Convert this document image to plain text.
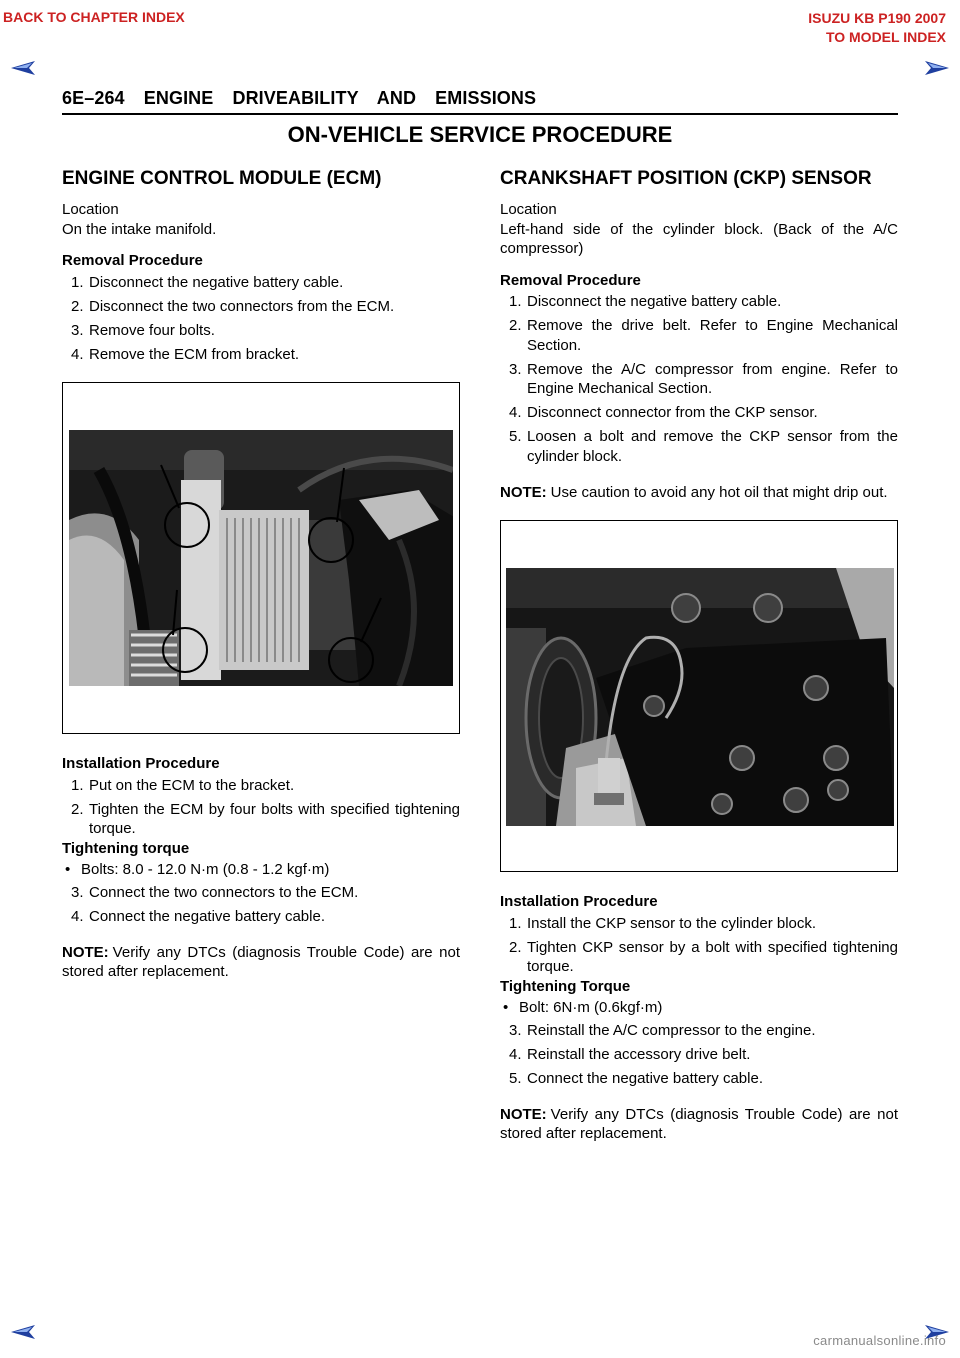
BACK TO CHAPTER INDEX	ISUZU KB P190 2007
TO MODEL INDEX
6E–264 ENGINE DRIVEABILITY AND EMISSIONS
ON-VEHICLE SERVICE PROCEDURE
ENGINE CONTROL MODULE (ECM)
Location
On the intake manifold.
Removal Procedure
1. Disconnect the negative battery cable.
2. Disconnect the two connectors from the ECM.
3. Remove four bolts.
4. Remove the ECM from bracket.
Installation Procedure
1. Put on the ECM to the bracket.
2. Tighten the ECM by four bolts with specified tightening torque.
Tightening torque
• Bolts: 8.0 - 12.0 N·m (0.8 - 1.2 kgf·m)
3. Connect the two connectors to the ECM.
4. Connect the negative battery cable.

NOTE: Verify any DTCs (diagnosis Trouble Code) are not stored after replacement.

CRANKSHAFT POSITION (CKP) SENSOR
Location
Left-hand side of the cylinder block. (Back of the A/C compressor)
Removal Procedure
1. Disconnect the negative battery cable.
2. Remove the drive belt. Refer to Engine Mechanical Section.
3. Remove the A/C compressor from engine. Refer to Engine Mechanical Section.
4. Disconnect connector from the CKP sensor.
5. Loosen a bolt and remove the CKP sensor from the cylinder block.

NOTE: Use caution to avoid any hot oil that might drip out.

Installation Procedure
1. Install the CKP sensor to the cylinder block.
2. Tighten CKP sensor by a bolt with specified tightening torque.
Tightening Torque
• Bolt: 6N·m (0.6kgf·m)
3. Reinstall the A/C compressor to the engine.
4. Reinstall the accessory drive belt.
5. Connect the negative battery cable.

NOTE: Verify any DTCs (diagnosis Trouble Code) are not stored after replacement.

carmanualsonline.info
